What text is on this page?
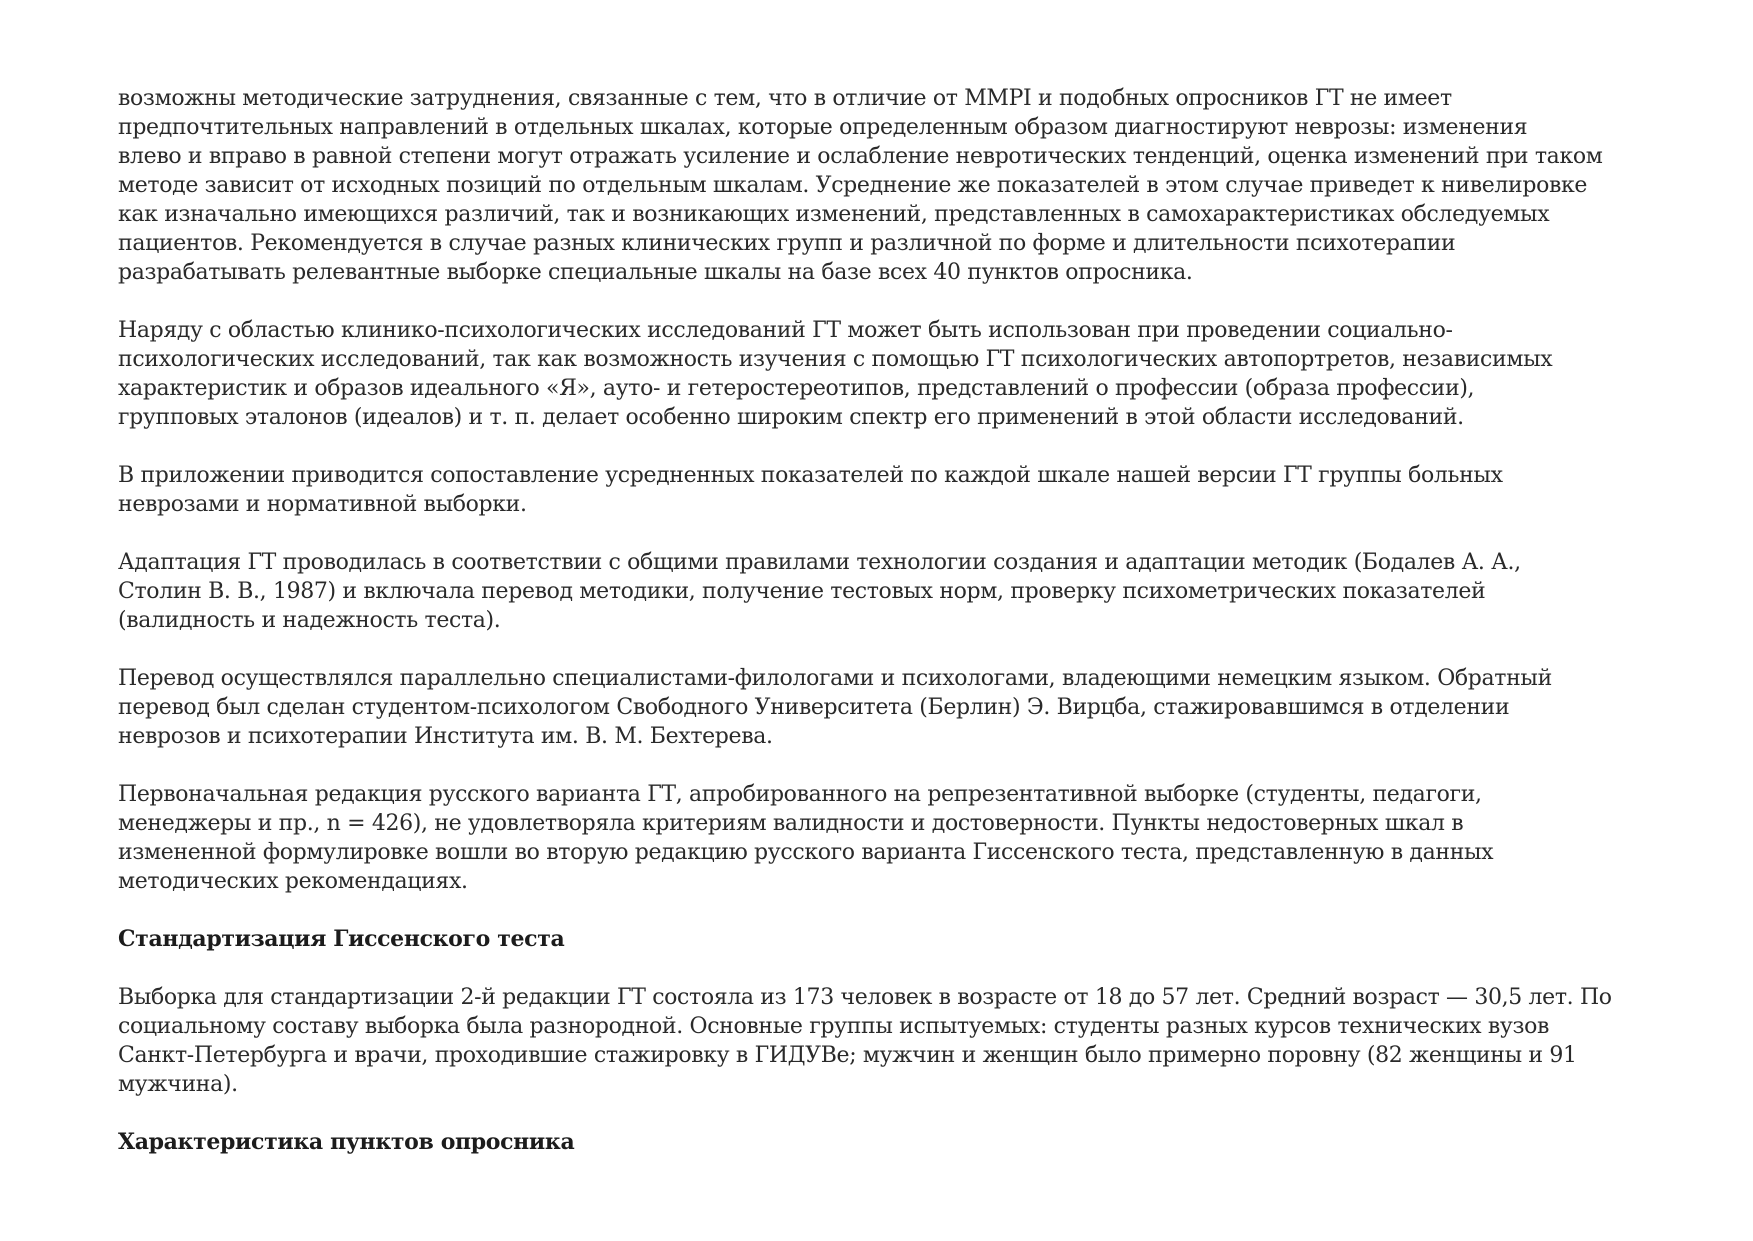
возможны методические затруднения, связанные с тем, что в отличие от MMPI и подобных опросников ГТ не имеет
предпочтительных направлений в отдельных шкалах, которые определенным образом диагностируют неврозы: изменения
влево и вправо в равной степени могут отражать усиление и ослабление невротических тенденций, оценка изменений при таком
методе зависит от исходных позиций по отдельным шкалам. Усреднение же показателей в этом случае приведет к нивелировке
как изначально имеющихся различий, так и возникающих изменений, представленных в самохарактеристиках обследуемых
пациентов. Рекомендуется в случае разных клинических групп и различной по форме и длительности психотерапии
разрабатывать релевантные выборке специальные шкалы на базе всех 40 пунктов опросника.

Наряду с областью клинико-психологических исследований ГТ может быть использован при проведении социально-
психологических исследований, так как возможность изучения с помощью ГТ психологических автопортретов, независимых
характеристик и образов идеального «Я», ауто- и гетеростереотипов, представлений о профессии (образа профессии),
групповых эталонов (идеалов) и т. п. делает особенно широким спектр его применений в этой области исследований.

В приложении приводится сопоставление усредненных показателей по каждой шкале нашей версии ГТ группы больных
неврозами и нормативной выборки.

Адаптация ГТ проводилась в соответствии с общими правилами технологии создания и адаптации методик (Бодалев А. А.,
Столин В. В., 1987) и включала перевод методики, получение тестовых норм, проверку психометрических показателей
(валидность и надежность теста).

Перевод осуществлялся параллельно специалистами-филологами и психологами, владеющими немецким языком. Обратный
перевод был сделан студентом-психологом Свободного Университета (Берлин) Э. Вирцба, стажировавшимся в отделении
неврозов и психотерапии Института им. В. М. Бехтерева.

Первоначальная редакция русского варианта ГТ, апробированного на репрезентативной выборке (студенты, педагоги,
менеджеры и пр., n = 426), не удовлетворяла критериям валидности и достоверности. Пункты недостоверных шкал в
измененной формулировке вошли во вторую редакцию русского варианта Гиссенского теста, представленную в данных
методических рекомендациях.

Стандартизация Гиссенского теста

Выборка для стандартизации 2-й редакции ГТ состояла из 173 человек в возрасте от 18 до 57 лет. Средний возраст — 30,5 лет. По
социальному составу выборка была разнородной. Основные группы испытуемых: студенты разных курсов технических вузов
Санкт-Петербурга и врачи, проходившие стажировку в ГИДУВе; мужчин и женщин было примерно поровну (82 женщины и 91
мужчина).

Характеристика пунктов опросника
